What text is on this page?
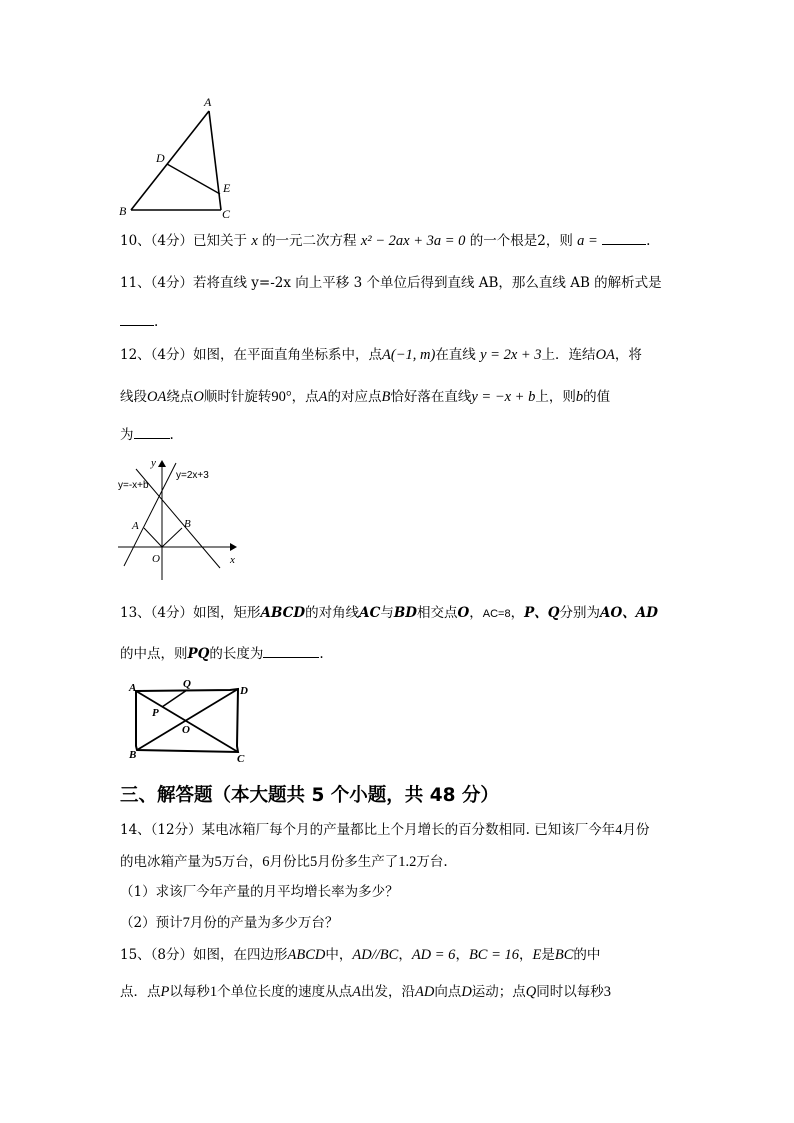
A
D
E
B	C
10、（4分）已知关于 x 的一元二次方程 x² − 2ax + 3a = 0 的一个根是2，则 a =	.
11、（4分）若将直线 y=-2x 向上平移 3 个单位后得到直线 AB，那么直线 AB 的解析式是
.
12、（4分）如图，在平面直角坐标系中，点A(−1, m)在直线 y = 2x + 3上．连结OA，将
线段OA绕点O顺时针旋转90°，点A的对应点B恰好落在直线y = −x + b上，则b的值
为	.
y
x
O
A	B
y=-x+b
y=2x+3
13、（4分）如图，矩形ABCD的对角线AC与BD相交点O，AC=8，P、Q分别为AO、AD
的中点，则PQ的长度为	.
A	Q
D
P
O
B	C
三、解答题（本大题共 5 个小题，共 48 分）
14、（12分）某电冰箱厂每个月的产量都比上个月增长的百分数相同. 已知该厂今年4月份
的电冰箱产量为5万台，6月份比5月份多生产了1.2万台.
（1）求该厂今年产量的月平均增长率为多少？
（2）预计7月份的产量为多少万台？
15、（8分）如图，在四边形ABCD中，AD//BC，AD = 6，BC = 16，E是BC的中
点．点P以每秒1个单位长度的速度从点A出发，沿AD向点D运动；点Q同时以每秒3
